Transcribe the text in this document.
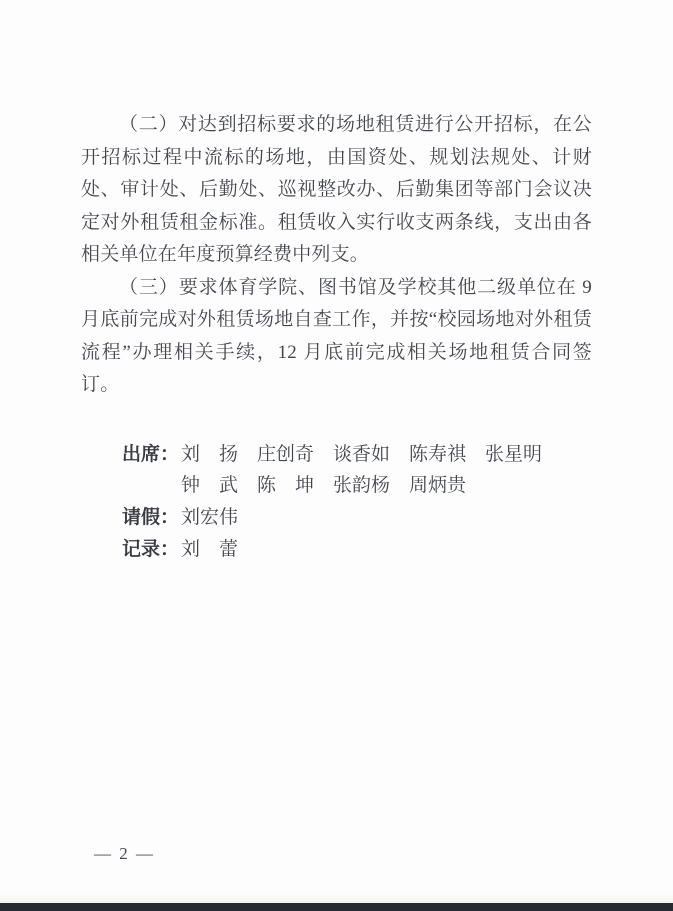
（二）对达到招标要求的场地租赁进行公开招标，在公开招标过程中流标的场地，由国资处、规划法规处、计财处、审计处、后勤处、巡视整改办、后勤集团等部门会议决定对外租赁租金标准。租赁收入实行收支两条线，支出由各相关单位在年度预算经费中列支。

（三）要求体育学院、图书馆及学校其他二级单位在 9 月底前完成对外租赁场地自查工作，并按“校园场地对外租赁流程”办理相关手续，12 月底前完成相关场地租赁合同签订。

出席： 刘　扬　庄创奇　谈香如　陈寿祺　张星明
钟　武　陈　坤　张韵杨　周炳贵
请假： 刘宏伟
记录： 刘　蕾
— 2 —
